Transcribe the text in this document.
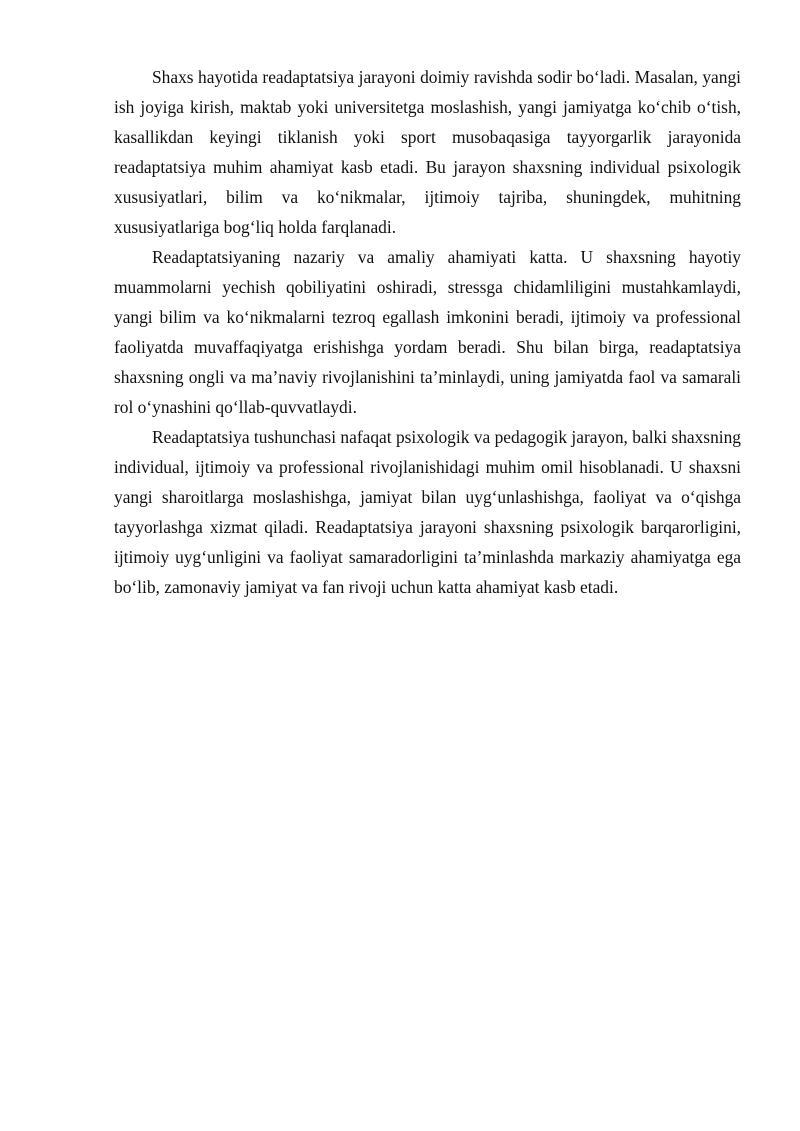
Shaxs hayotida readaptatsiya jarayoni doimiy ravishda sodir bo‘ladi. Masalan, yangi ish joyiga kirish, maktab yoki universitetga moslashish, yangi jamiyatga ko‘chib o‘tish, kasallikdan keyingi tiklanish yoki sport musobaqasiga tayyorgarlik jarayonida readaptatsiya muhim ahamiyat kasb etadi. Bu jarayon shaxsning individual psixologik xususiyatlari, bilim va ko‘nikmalar, ijtimoiy tajriba, shuningdek, muhitning xususiyatlariga bog‘liq holda farqlanadi.

Readaptatsiyaning nazariy va amaliy ahamiyati katta. U shaxsning hayotiy muammolarni yechish qobiliyatini oshiradi, stressga chidamliligini mustahkamlaydi, yangi bilim va ko‘nikmalarni tezroq egallash imkonini beradi, ijtimoiy va professional faoliyatda muvaffaqiyatga erishishga yordam beradi. Shu bilan birga, readaptatsiya shaxsning ongli va ma’naviy rivojlanishini ta’minlaydi, uning jamiyatda faol va samarali rol o‘ynashini qo‘llab-quvvatlaydi.

Readaptatsiya tushunchasi nafaqat psixologik va pedagogik jarayon, balki shaxsning individual, ijtimoiy va professional rivojlanishidagi muhim omil hisoblanadi. U shaxsni yangi sharoitlarga moslashishga, jamiyat bilan uyg‘unlashishga, faoliyat va o‘qishga tayyorlashga xizmat qiladi. Readaptatsiya jarayoni shaxsning psixologik barqarorligini, ijtimoiy uyg‘unligini va faoliyat samaradorligini ta’minlashda markaziy ahamiyatga ega bo‘lib, zamonaviy jamiyat va fan rivoji uchun katta ahamiyat kasb etadi.
